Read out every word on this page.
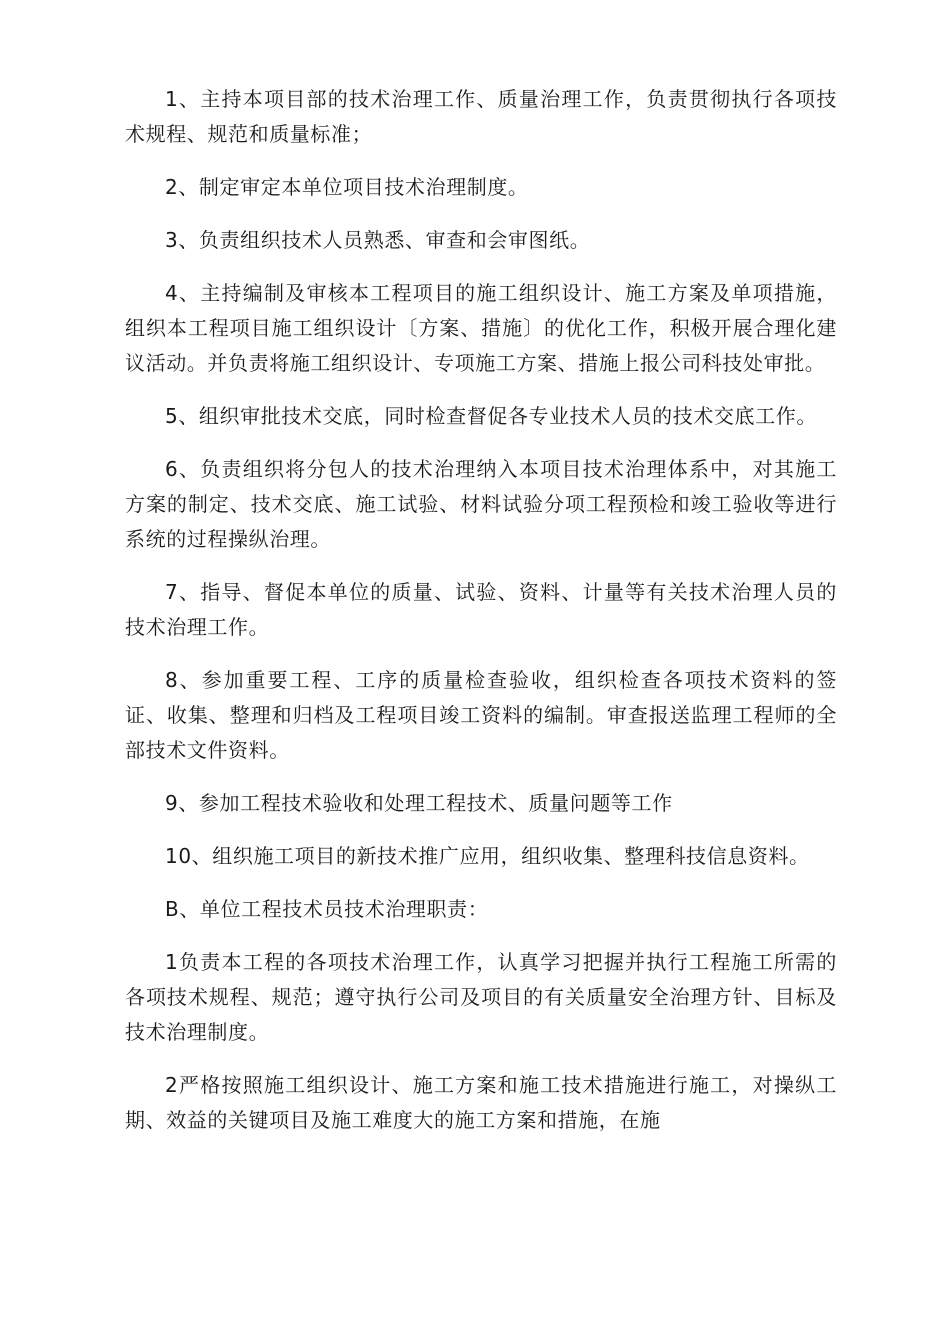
1、主持本项目部的技术治理工作、质量治理工作，负责贯彻执行各项技术规程、规范和质量标准；

2、制定审定本单位项目技术治理制度。

3、负责组织技术人员熟悉、审查和会审图纸。

4、主持编制及审核本工程项目的施工组织设计、施工方案及单项措施，组织本工程项目施工组织设计〔方案、措施〕的优化工作，积极开展合理化建议活动。并负责将施工组织设计、专项施工方案、措施上报公司科技处审批。

5、组织审批技术交底，同时检查督促各专业技术人员的技术交底工作。

6、负责组织将分包人的技术治理纳入本项目技术治理体系中，对其施工方案的制定、技术交底、施工试验、材料试验分项工程预检和竣工验收等进行系统的过程操纵治理。

7、指导、督促本单位的质量、试验、资料、计量等有关技术治理人员的技术治理工作。

8、参加重要工程、工序的质量检查验收，组织检查各项技术资料的签证、收集、整理和归档及工程项目竣工资料的编制。审查报送监理工程师的全部技术文件资料。

9、参加工程技术验收和处理工程技术、质量问题等工作

10、组织施工项目的新技术推广应用，组织收集、整理科技信息资料。

B、单位工程技术员技术治理职责：

1负责本工程的各项技术治理工作，认真学习把握并执行工程施工所需的各项技术规程、规范；遵守执行公司及项目的有关质量安全治理方针、目标及技术治理制度。

2严格按照施工组织设计、施工方案和施工技术措施进行施工，对操纵工期、效益的关键项目及施工难度大的施工方案和措施，在施
